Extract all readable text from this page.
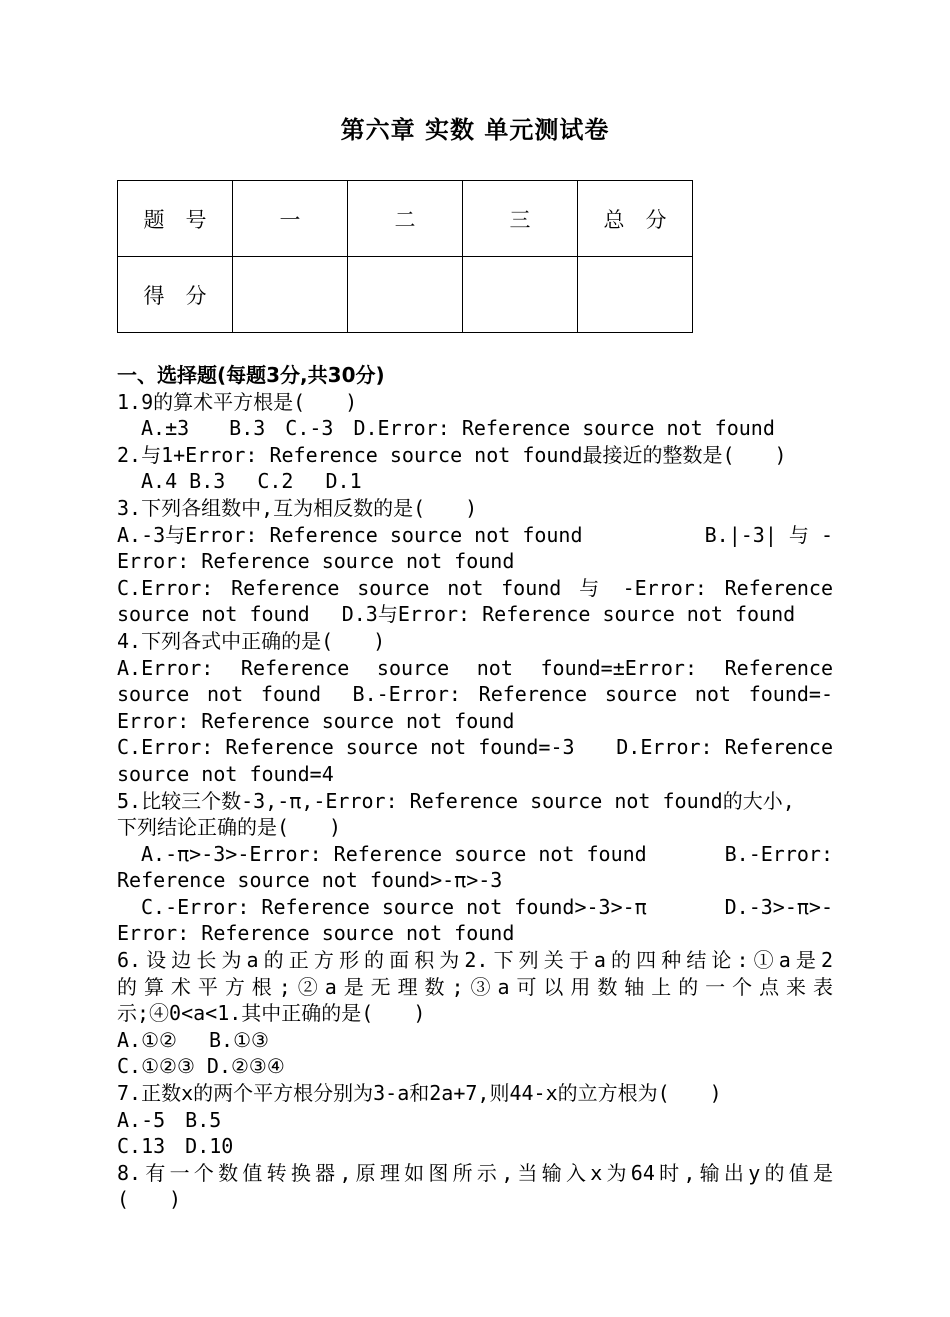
第六章 实数 单元测试卷
题　号	一	二	三	总　分
得　分				
一、选择题(每题3分,共30分)
1.9的算术平方根是(　　)
A.±3　　B.3　C.-3　D.Error: Reference source not found
2.与1+Error: Reference source not found最接近的整数是(　　)
A.4 B.3　 C.2　 D.1
3.下列各组数中,互为相反数的是(　　)
A.-3与Error: Reference source not found	B.|-3| 与 -
Error: Reference source not found
C.Error: Reference source not found 与 -Error: Reference
source not found　 D.3与Error: Reference source not found
4.下列各式中正确的是(　　)
A.Error: Reference source not found=±Error: Reference
source not found　B.-Error: Reference source not found=-
Error: Reference source not found
C.Error: Reference source not found=-3 D.Error: Reference
source not found=4
5.比较三个数-3,-π,-Error: Reference source not found的大小,
下列结论正确的是(　　)
A.-π>-3>-Error: Reference source not found	B.-Error:
Reference source not found>-π>-3
C.-Error: Reference source not found>-3>-π	D.-3>-π>-
Error: Reference source not found
6.设边长为a的正方形的面积为2.下列关于a的四种结论:①a是2
的算术平方根;②a是无理数;③a可以用数轴上的一个点来表
示;④0<a<1.其中正确的是(　　)
A.①②　 B.①③
C.①②③ D.②③④
7.正数x的两个平方根分别为3-a和2a+7,则44-x的立方根为(　　)
A.-5　B.5
C.13　D.10
8.有一个数值转换器,原理如图所示,当输入x为64时,输出y的值是
(　　)
